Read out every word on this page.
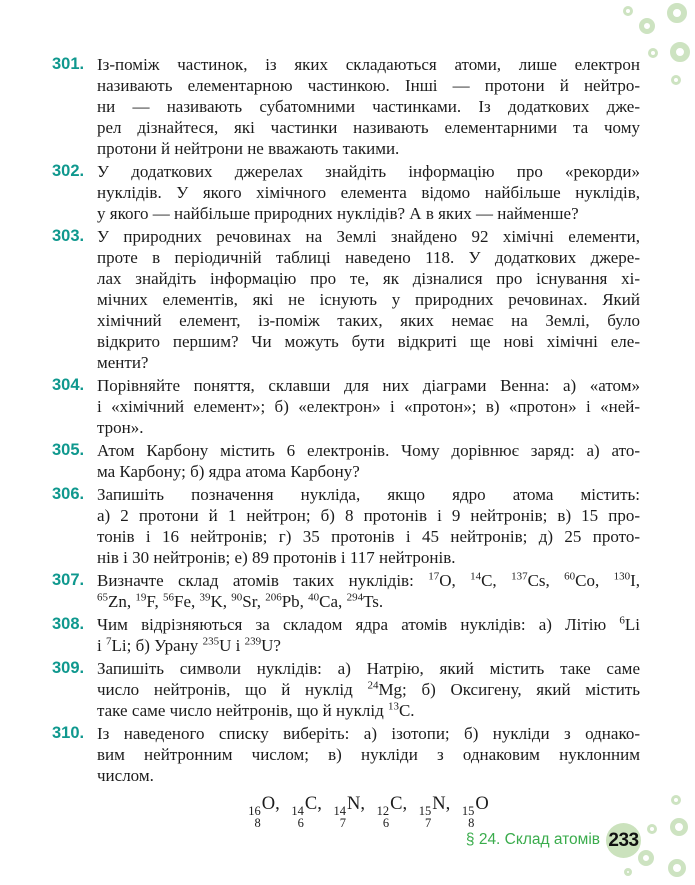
301. Із-поміж частинок, із яких складаються атоми, лише електрон
називають елементарною частинкою. Інші — протони й нейтро-
ни — називають субатомними частинками. Із додаткових дже-
рел дізнайтеся, які частинки називають елементарними та чому
протони й нейтрони не вважають такими.
302. У додаткових джерелах знайдіть інформацію про «рекорди»
нуклідів. У якого хімічного елемента відомо найбільше нуклідів,
у якого — найбільше природних нуклідів? А в яких — найменше?
303. У природних речовинах на Землі знайдено 92 хімічні елементи,
проте в періодичній таблиці наведено 118. У додаткових джере-
лах знайдіть інформацію про те, як дізналися про існування хі-
мічних елементів, які не існують у природних речовинах. Який
хімічний елемент, із-поміж таких, яких немає на Землі, було
відкрито першим? Чи можуть бути відкриті ще нові хімічні еле-
менти?
304. Порівняйте поняття, склавши для них діаграми Венна: а) «атом»
і «хімічний елемент»; б) «електрон» і «протон»; в) «протон» і «ней-
трон».
305. Атом Карбону містить 6 електронів. Чому дорівнює заряд: а) ато-
ма Карбону; б) ядра атома Карбону?
306. Запишіть позначення нукліда, якщо ядро атома містить:
а) 2 протони й 1 нейтрон; б) 8 протонів і 9 нейтронів; в) 15 про-
тонів і 16 нейтронів; г) 35 протонів і 45 нейтронів; д) 25 прото-
нів і 30 нейтронів; е) 89 протонів і 117 нейтронів.
307. Визначте склад атомів таких нуклідів: $^{17}$O, $^{14}$C, $^{137}$Cs, $^{60}$Co, $^{130}$I,
$^{65}$Zn, $^{19}$F, $^{56}$Fe, $^{39}$K, $^{90}$Sr, $^{206}$Pb, $^{40}$Ca, $^{294}$Ts.
308. Чим відрізняються за складом ядра атомів нуклідів: а) Літію $^6$Li
і $^7$Li; б) Урану $^{235}$U і $^{239}$U?
309. Запишіть символи нуклідів: а) Натрію, який містить таке саме
число нейтронів, що й нуклід $^{24}$Mg; б) Оксигену, який містить
таке саме число нейтронів, що й нуклід $^{13}$C.
310. Із наведеного списку виберіть: а) ізотопи; б) нукліди з однако-
вим нейтронним числом; в) нукліди з однаковим нуклонним
числом.
16
8
O, 14
6
C, 14
7
N, 12
6
C, 15
7
N, 15
8
O
§ 24. Склад атомів 233
